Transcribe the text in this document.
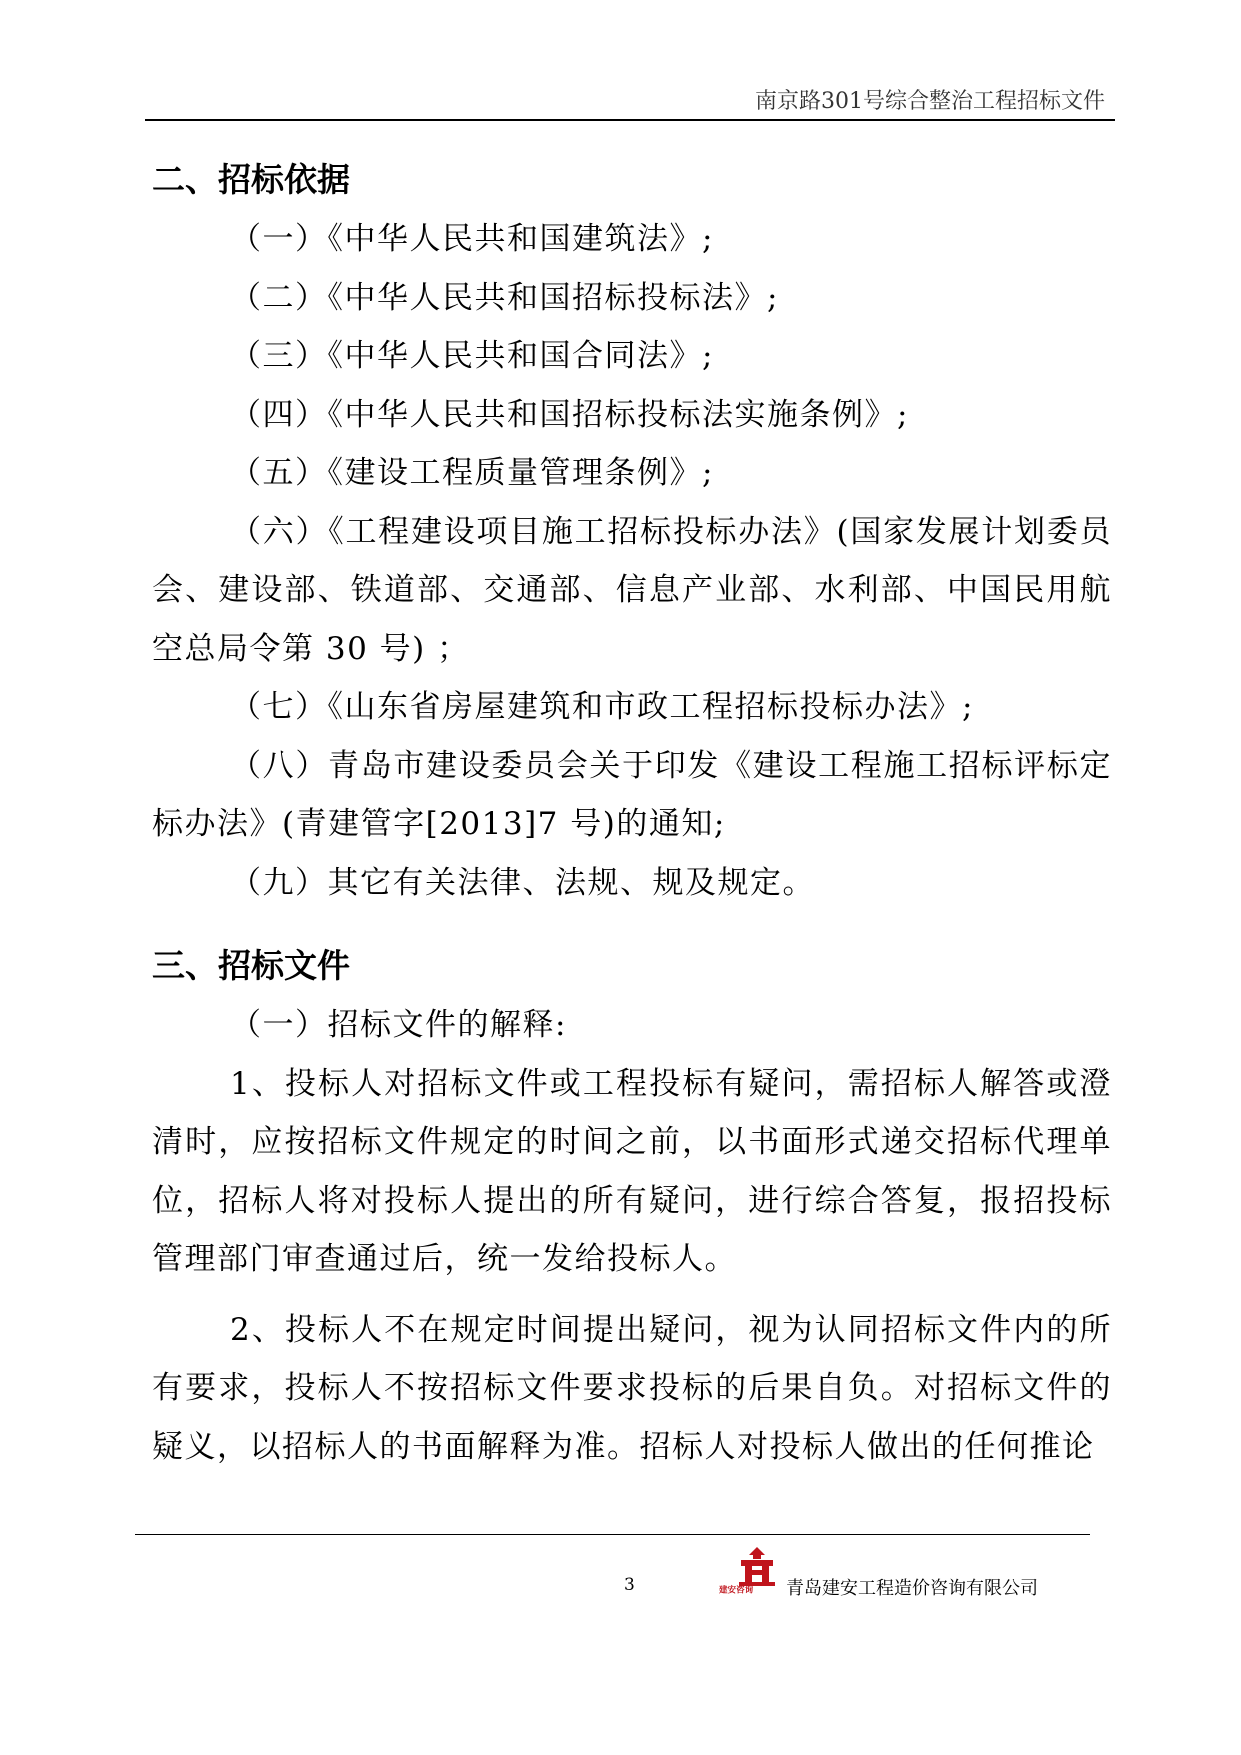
南京路301号综合整治工程招标文件
二、招标依据

（一）《中华人民共和国建筑法》;

（二）《中华人民共和国招标投标法》;

（三）《中华人民共和国合同法》;

（四）《中华人民共和国招标投标法实施条例》;

（五）《建设工程质量管理条例》;

（六）《工程建设项目施工招标投标办法》(国家发展计划委员会、建设部、铁道部、交通部、信息产业部、水利部、中国民用航空总局令第 30 号) ；

（七）《山东省房屋建筑和市政工程招标投标办法》;

（八）青岛市建设委员会关于印发《建设工程施工招标评标定标办法》(青建管字[2013]7 号)的通知;

（九）其它有关法律、法规、规及规定。

三、招标文件

（一）招标文件的解释:

1、投标人对招标文件或工程投标有疑问，需招标人解答或澄清时，应按招标文件规定的时间之前，以书面形式递交招标代理单位，招标人将对投标人提出的所有疑问，进行综合答复，报招投标管理部门审查通过后，统一发给投标人。

2、投标人不在规定时间提出疑问，视为认同招标文件内的所有要求，投标人不按招标文件要求投标的后果自负。对招标文件的疑义，以招标人的书面解释为准。招标人对投标人做出的任何推论

3	建安咨询	青岛建安工程造价咨询有限公司
